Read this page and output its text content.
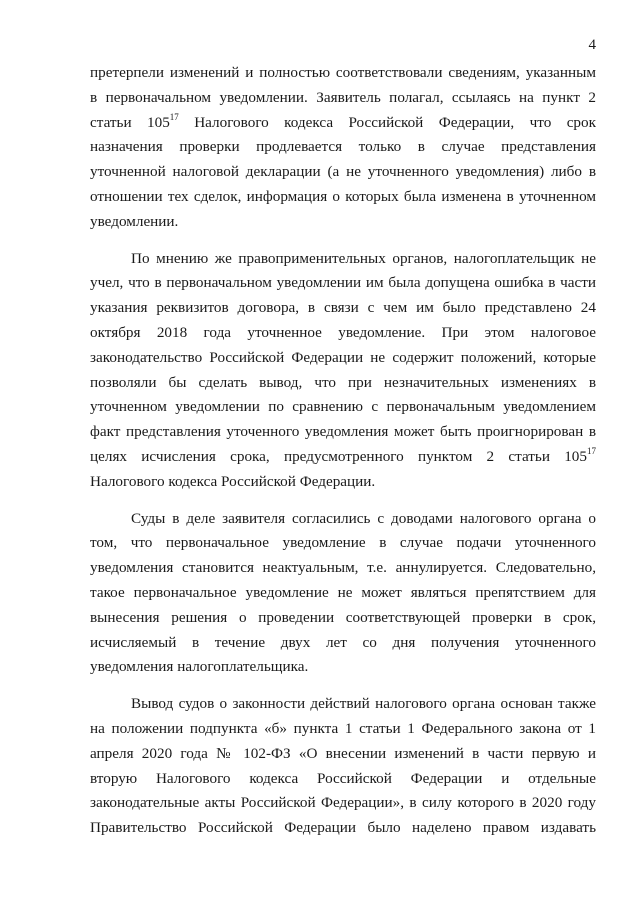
4
претерпели изменений и полностью соответствовали сведениям, указанным
в первоначальном уведомлении. Заявитель полагал, ссылаясь на пункт 2
статьи $105^{17}$ Налогового кодекса Российской Федерации, что срок
назначения проверки продлевается только в случае представления
уточненной налоговой декларации (а не уточненного уведомления) либо в
отношении тех сделок, информация о которых была изменена в уточненном
уведомлении.
По мнению же правоприменительных органов, налогоплательщик не
учел, что в первоначальном уведомлении им была допущена ошибка в части
указания реквизитов договора, в связи с чем им было представлено 24
октября 2018 года уточненное уведомление. При этом налоговое
законодательство Российской Федерации не содержит положений, которые
позволяли бы сделать вывод, что при незначительных изменениях в
уточненном уведомлении по сравнению с первоначальным уведомлением
факт представления уточенного уведомления может быть проигнорирован в
целях исчисления срока, предусмотренного пунктом 2 статьи $105^{17}$
Налогового кодекса Российской Федерации.
Суды в деле заявителя согласились с доводами налогового органа о
том, что первоначальное уведомление в случае подачи уточненного
уведомления становится неактуальным, т.е. аннулируется. Следовательно,
такое первоначальное уведомление не может являться препятствием для
вынесения решения о проведении соответствующей проверки в срок,
исчисляемый в течение двух лет со дня получения уточненного
уведомления налогоплательщика.
Вывод судов о законности действий налогового органа основан также
на положении подпункта «б» пункта 1 статьи 1 Федерального закона от 1
апреля 2020 года № 102-ФЗ «О внесении изменений в части первую и
вторую Налогового кодекса Российской Федерации и отдельные
законодательные акты Российской Федерации», в силу которого в 2020 году
Правительство Российской Федерации было наделено правом издавать
